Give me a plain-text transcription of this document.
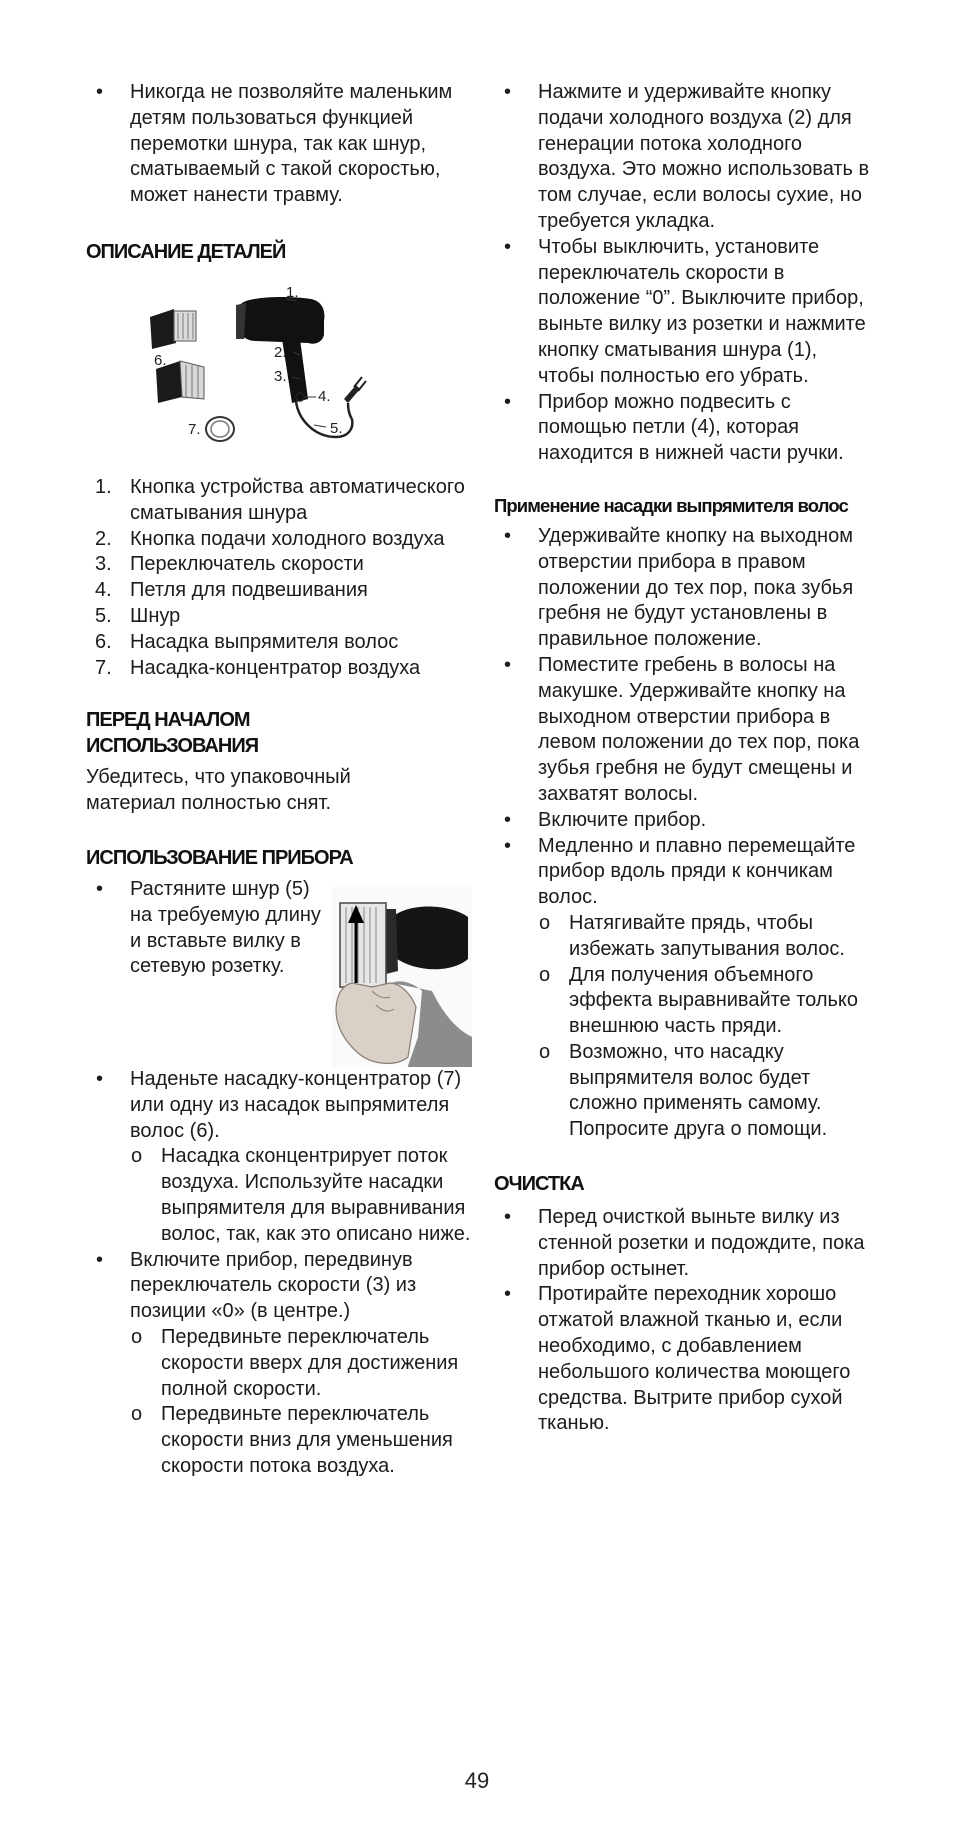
• Никогда не позволяйте маленьким детям пользоваться функцией перемотки шнура, так как шнур, сматываемый с такой скоростью, может нанести травму.
ОПИСАНИЕ ДЕТАЛЕЙ
1.
2.
3.
4.
5.
6.
7.
1. Кнопка устройства автоматического сматывания шнура
2. Кнопка подачи холодного воздуха
3. Переключатель скорости
4. Петля для подвешивания
5. Шнур
6. Насадка выпрямителя волос
7. Насадка-концентратор воздуха
ПЕРЕД НАЧАЛОМ ИСПОЛЬЗОВАНИЯ

Убедитесь, что упаковочный материал полностью снят.

ИСПОЛЬЗОВАНИЕ ПРИБОРА
• Растяните шнур (5) на требуемую длину и вставьте вилку в сетевую розетку.
• Наденьте насадку-концентратор (7) или одну из насадок выпрямителя волос (6).
o Насадка сконцентрирует поток воздуха. Используйте насадки выпрямителя для выравнивания волос, так, как это описано ниже.
• Включите прибор, передвинув переключатель скорости (3) из позиции «0» (в центре.)
o Передвиньте переключатель скорости вверх для достижения полной скорости.
o Передвиньте переключатель скорости вниз для уменьшения скорости потока воздуха.
• Нажмите и удерживайте кнопку подачи холодного воздуха (2) для генерации потока холодного воздуха. Это можно использовать в том случае, если волосы сухие, но требуется укладка.
• Чтобы выключить, установите переключатель скорости в положение “0”. Выключите прибор, выньте вилку из розетки и нажмите кнопку сматывания шнура (1), чтобы полностью его убрать.
• Прибор можно подвесить с помощью петли (4), которая находится в нижней части ручки.
Применение насадки выпрямителя волос
• Удерживайте кнопку на выходном отверстии прибора в правом положении до тех пор, пока зубья гребня не будут установлены в правильное положение.
• Поместите гребень в волосы на макушке. Удерживайте кнопку на выходном отверстии прибора в левом положении до тех пор, пока зубья гребня не будут смещены и захватят волосы.
• Включите прибор.
• Медленно и плавно перемещайте прибор вдоль пряди к кончикам волос.
o Натягивайте прядь, чтобы избежать запутывания волос.
o Для получения объемного эффекта выравнивайте только внешнюю часть пряди.
o Возможно, что насадку выпрямителя волос будет сложно применять самому. Попросите друга о помощи.
ОЧИСТКА
• Перед очисткой выньте вилку из стенной розетки и подождите, пока прибор остынет.
• Протирайте переходник хорошо отжатой влажной тканью и, если необходимо, с добавлением небольшого количества моющего средства. Вытрите прибор сухой тканью.
49
